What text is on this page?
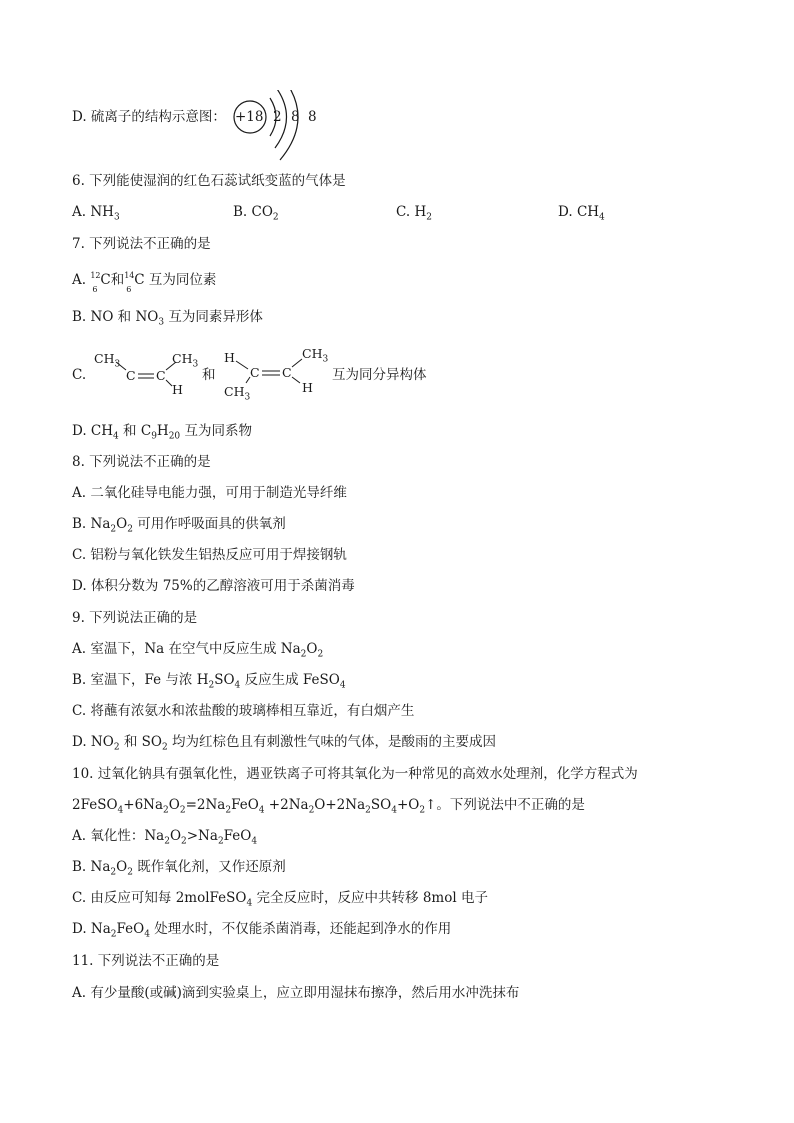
D. 硫离子的结构示意图： +18 2 8 8
6. 下列能使湿润的红色石蕊试纸变蓝的气体是
A. $NH_3$	B. $CO_2$	C. $H_2$	D. $CH_4$
7. 下列说法不正确的是
A. 12
6
C和 14
6
C 互为同位素
B. NO 和 $NO_3$ 互为同素异形体
C.
$CH_3$
C C
$CH_3$
H
和
H
C C
$CH_3$
$CH_3$
H
互为同分异构体
D. $CH_4$ 和 $C_9H_{20}$ 互为同系物
8. 下列说法不正确的是
A. 二氧化硅导电能力强，可用于制造光导纤维
B. $Na_2O_2$ 可用作呼吸面具的供氧剂
C. 铝粉与氧化铁发生铝热反应可用于焊接钢轨
D. 体积分数为 75%的乙醇溶液可用于杀菌消毒
9. 下列说法正确的是
A. 室温下，Na 在空气中反应生成 $Na_2O_2$
B. 室温下，Fe 与浓 $H_2SO_4$ 反应生成 FeSO$_4$
C. 将蘸有浓氨水和浓盐酸的玻璃棒相互靠近，有白烟产生
D. $NO_2$ 和 $SO_2$ 均为红棕色且有刺激性气味的气体，是酸雨的主要成因
10. 过氧化钠具有强氧化性，遇亚铁离子可将其氧化为一种常见的高效水处理剂，化学方程式为
$2FeSO_4+6Na_2O_2=2Na_2FeO_4$ $+2Na_2O+2Na_2SO_4+O_2↑$。下列说法中不正确的是
A. 氧化性：$Na_2O_2>Na_2FeO_4$
B. $Na_2O_2$ 既作氧化剂，又作还原剂
C. 由反应可知每 2molFeSO$_4$ 完全反应时，反应中共转移 8mol 电子
D. $Na_2FeO_4$ 处理水时，不仅能杀菌消毒，还能起到净水的作用
11. 下列说法不正确的是
A. 有少量酸(或碱)滴到实验桌上，应立即用湿抹布擦净，然后用水冲洗抹布
